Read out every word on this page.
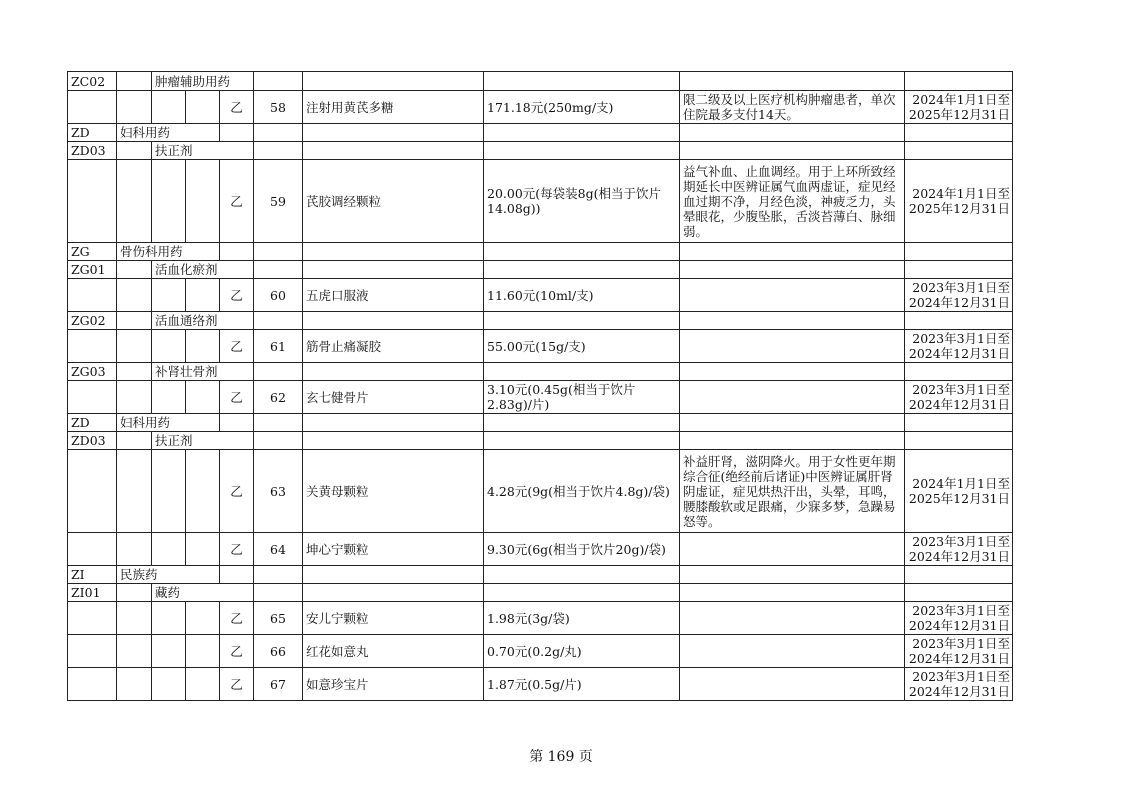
ZC02		肿瘤辅助用药							
				乙	58	注射用黄芪多糖	171.18元(250mg/支)	限二级及以上医疗机构肿瘤患者，单次住院最多支付14天。	2024年1月1日至2025年12月31日
ZD	妇科用药								
ZD03		扶正剂							
				乙	59	芪胶调经颗粒	20.00元(每袋装8g(相当于饮片14.08g))	益气补血、止血调经。用于上环所致经期延长中医辨证属气血两虚证，症见经血过期不净，月经色淡，神疲乏力，头晕眼花，少腹坠胀，舌淡苔薄白、脉细弱。	2024年1月1日至2025年12月31日
ZG	骨伤科用药								
ZG01		活血化瘀剂							
				乙	60	五虎口服液	11.60元(10ml/支)		2023年3月1日至2024年12月31日
ZG02		活血通络剂							
				乙	61	筋骨止痛凝胶	55.00元(15g/支)		2023年3月1日至2024年12月31日
ZG03		补肾壮骨剂							
				乙	62	玄七健骨片	3.10元(0.45g(相当于饮片2.83g)/片)		2023年3月1日至2024年12月31日
ZD	妇科用药								
ZD03		扶正剂							
				乙	63	关黄母颗粒	4.28元(9g(相当于饮片4.8g)/袋)	补益肝肾，滋阴降火。用于女性更年期综合征(绝经前后诸证)中医辨证属肝肾阴虚证，症见烘热汗出，头晕，耳鸣，腰膝酸软或足跟痛，少寐多梦，急躁易怒等。	2024年1月1日至2025年12月31日
				乙	64	坤心宁颗粒	9.30元(6g(相当于饮片20g)/袋)		2023年3月1日至2024年12月31日
ZI	民族药								
ZI01		藏药							
				乙	65	安儿宁颗粒	1.98元(3g/袋)		2023年3月1日至2024年12月31日
				乙	66	红花如意丸	0.70元(0.2g/丸)		2023年3月1日至2024年12月31日
				乙	67	如意珍宝片	1.87元(0.5g/片)		2023年3月1日至2024年12月31日
第 169 页
